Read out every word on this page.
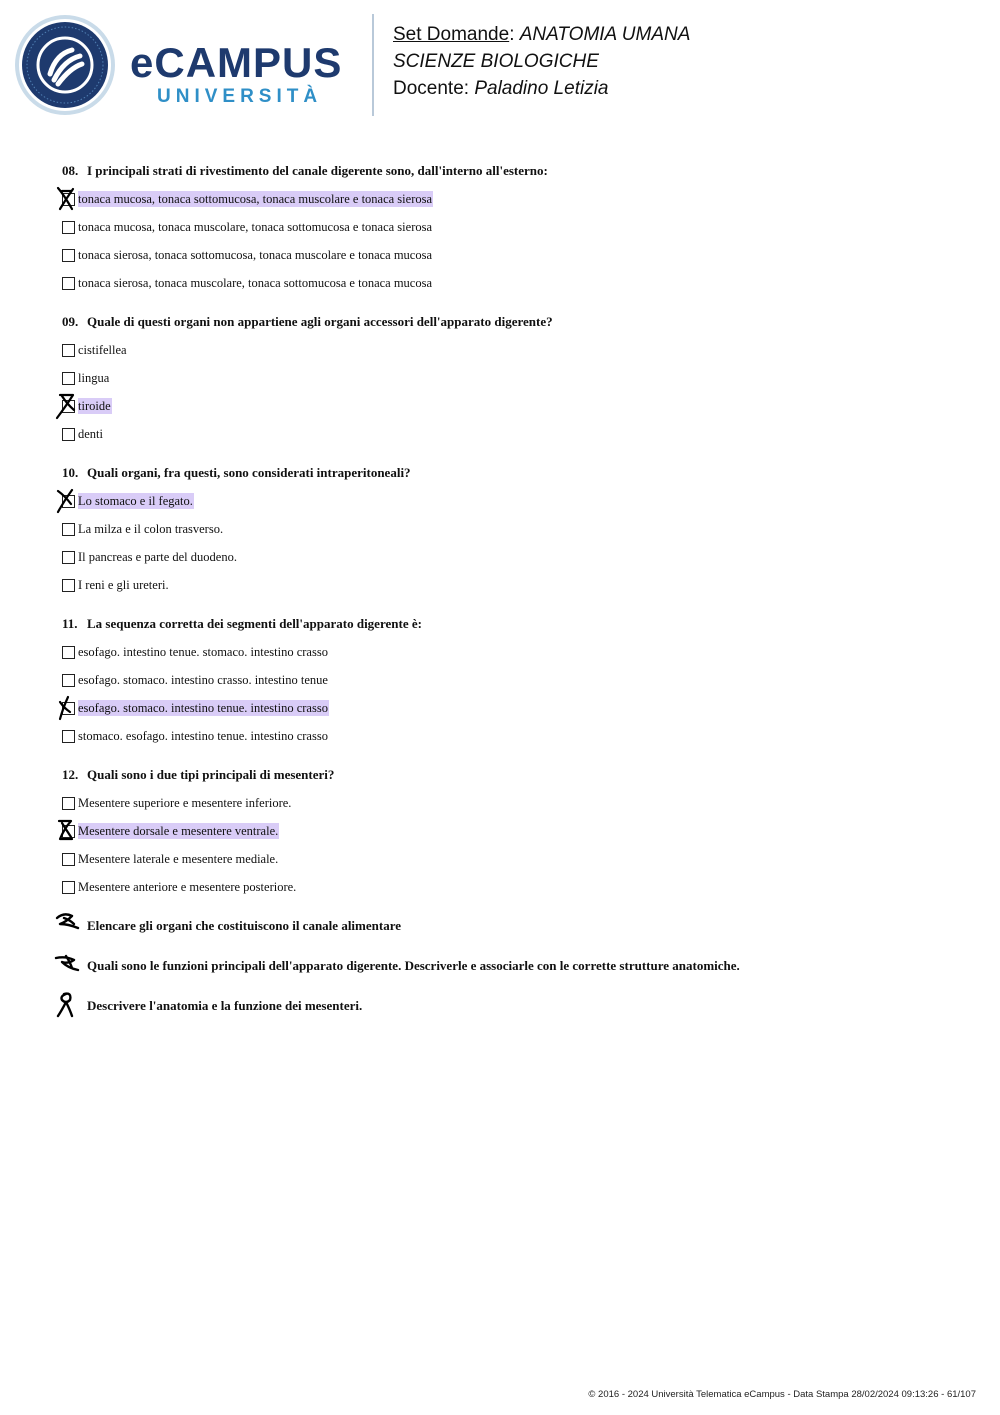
eCAMPUS
UNIVERSITÀ
Set Domande: ANATOMIA UMANA
SCIENZE BIOLOGICHE
Docente: Paladino Letizia
08. I principali strati di rivestimento del canale digerente sono, dall'interno all'esterno:
tonaca mucosa, tonaca sottomucosa, tonaca muscolare e tonaca sierosa
tonaca mucosa, tonaca muscolare, tonaca sottomucosa e tonaca sierosa
tonaca sierosa, tonaca sottomucosa, tonaca muscolare e tonaca mucosa
tonaca sierosa, tonaca muscolare, tonaca sottomucosa e tonaca mucosa
09. Quale di questi organi non appartiene agli organi accessori dell'apparato digerente?
cistifellea
lingua
tiroide
denti
10. Quali organi, fra questi, sono considerati intraperitoneali?
Lo stomaco e il fegato.
La milza e il colon trasverso.
Il pancreas e parte del duodeno.
I reni e gli ureteri.
11. La sequenza corretta dei segmenti dell'apparato digerente è:
esofago. intestino tenue. stomaco. intestino crasso
esofago. stomaco. intestino crasso. intestino tenue
esofago. stomaco. intestino tenue. intestino crasso
stomaco. esofago. intestino tenue. intestino crasso
12. Quali sono i due tipi principali di mesenteri?
Mesentere superiore e mesentere inferiore.
Mesentere dorsale e mesentere ventrale.
Mesentere laterale e mesentere mediale.
Mesentere anteriore e mesentere posteriore.
Elencare gli organi che costituiscono il canale alimentare
Quali sono le funzioni principali dell'apparato digerente. Descriverle e associarle con le corrette strutture anatomiche.
Descrivere l'anatomia e la funzione dei mesenteri.
© 2016 - 2024 Università Telematica eCampus - Data Stampa 28/02/2024 09:13:26 - 61/107
